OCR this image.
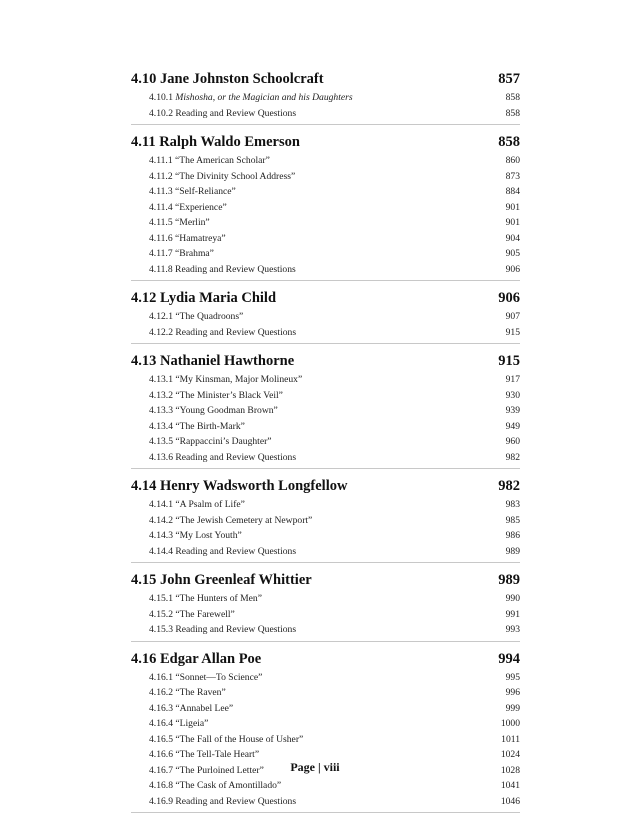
4.10 Jane Johnston Schoolcraft	857
4.10.1 Mishosha, or the Magician and his Daughters	858
4.10.2 Reading and Review Questions	858
4.11 Ralph Waldo Emerson	858
4.11.1 “The American Scholar”	860
4.11.2 “The Divinity School Address”	873
4.11.3 “Self-Reliance”	884
4.11.4 “Experience”	901
4.11.5 “Merlin”	901
4.11.6 “Hamatreya”	904
4.11.7 “Brahma”	905
4.11.8 Reading and Review Questions	906
4.12 Lydia Maria Child	906
4.12.1 “The Quadroons”	907
4.12.2 Reading and Review Questions	915
4.13 Nathaniel Hawthorne	915
4.13.1 “My Kinsman, Major Molineux”	917
4.13.2 “The Minister’s Black Veil”	930
4.13.3 “Young Goodman Brown”	939
4.13.4 “The Birth-Mark”	949
4.13.5 “Rappaccini’s Daughter”	960
4.13.6 Reading and Review Questions	982
4.14 Henry Wadsworth Longfellow	982
4.14.1 “A Psalm of Life”	983
4.14.2 “The Jewish Cemetery at Newport”	985
4.14.3 “My Lost Youth”	986
4.14.4 Reading and Review Questions	989
4.15 John Greenleaf Whittier	989
4.15.1 “The Hunters of Men”	990
4.15.2 “The Farewell”	991
4.15.3 Reading and Review Questions	993
4.16 Edgar Allan Poe	994
4.16.1 “Sonnet—To Science”	995
4.16.2 “The Raven”	996
4.16.3 “Annabel Lee”	999
4.16.4 “Ligeia”	1000
4.16.5 “The Fall of the House of Usher”	1011
4.16.6 “The Tell-Tale Heart”	1024
4.16.7 “The Purloined Letter”	1028
4.16.8 “The Cask of Amontillado”	1041
4.16.9 Reading and Review Questions	1046
Page | viii
